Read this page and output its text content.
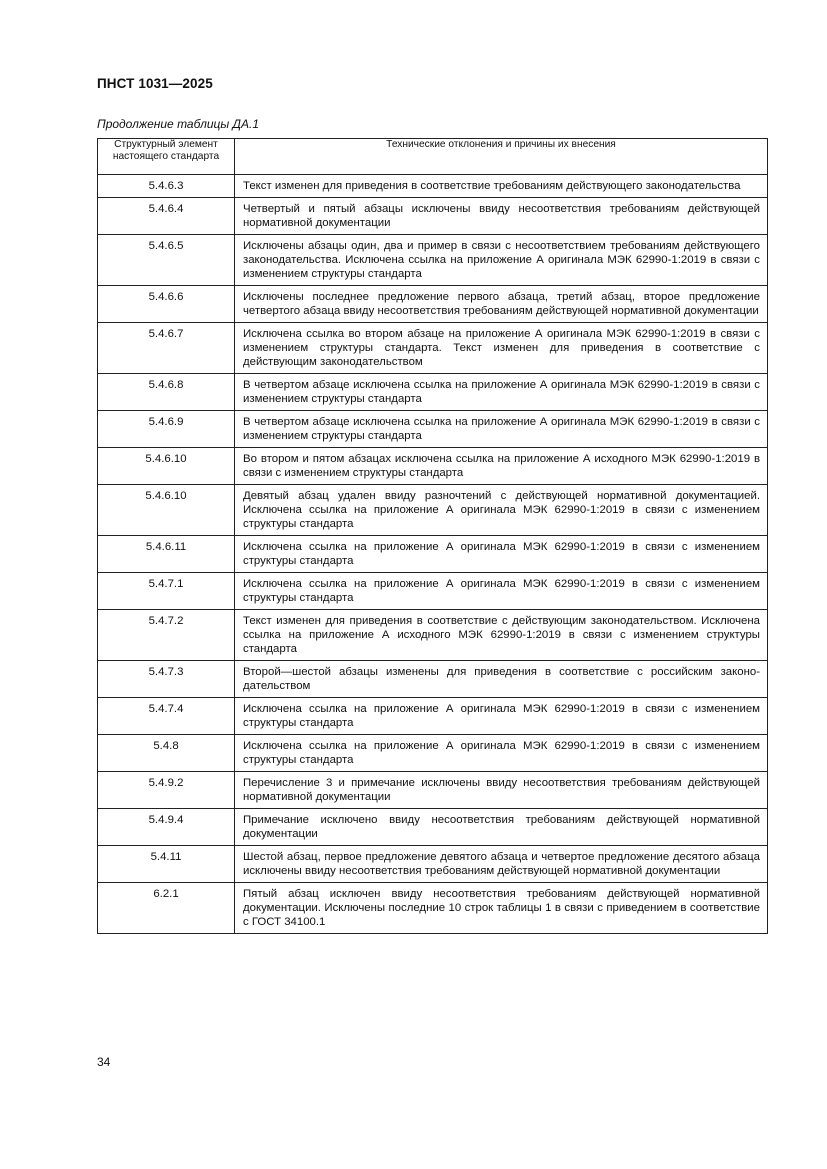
ПНСТ 1031—2025
Продолжение таблицы ДА.1
Структурный элемент настоящего стандарта	Технические отклонения и причины их внесения
5.4.6.3	Текст изменен для приведения в соответствие требованиям действующего законодательства
5.4.6.4	Четвертый и пятый абзацы исключены ввиду несоответствия требованиям действующей нормативной документации
5.4.6.5	Исключены абзацы один, два и пример в связи с несоответствием требованиям действующего законодательства. Исключена ссылка на приложение А оригинала МЭК 62990-1:2019 в связи с изменением структуры стандарта
5.4.6.6	Исключены последнее предложение первого абзаца, третий абзац, второе предложение четвертого абзаца ввиду несоответствия требованиям действующей нормативной документации
5.4.6.7	Исключена ссылка во втором абзаце на приложение А оригинала МЭК 62990-1:2019 в связи с изменением структуры стандарта. Текст изменен для приведения в соответствие с действующим законодательством
5.4.6.8	В четвертом абзаце исключена ссылка на приложение А оригинала МЭК 62990-1:2019 в связи с изменением структуры стандарта
5.4.6.9	В четвертом абзаце исключена ссылка на приложение А оригинала МЭК 62990-1:2019 в связи с изменением структуры стандарта
5.4.6.10	Во втором и пятом абзацах исключена ссылка на приложение А исходного МЭК 62990-1:2019 в связи с изменением структуры стандарта
5.4.6.10	Девятый абзац удален ввиду разночтений с действующей нормативной документацией. Исключена ссылка на приложение А оригинала МЭК 62990-1:2019 в связи с изменением структуры стандарта
5.4.6.11	Исключена ссылка на приложение А оригинала МЭК 62990-1:2019 в связи с изменением структуры стандарта
5.4.7.1	Исключена ссылка на приложение А оригинала МЭК 62990-1:2019 в связи с изменением структуры стандарта
5.4.7.2	Текст изменен для приведения в соответствие с действующим законодательством. Исключена ссылка на приложение А исходного МЭК 62990-1:2019 в связи с изменением структуры стандарта
5.4.7.3	Второй—шестой абзацы изменены для приведения в соответствие с российским законодательством
5.4.7.4	Исключена ссылка на приложение А оригинала МЭК 62990-1:2019 в связи с изменением структуры стандарта
5.4.8	Исключена ссылка на приложение А оригинала МЭК 62990-1:2019 в связи с изменением структуры стандарта
5.4.9.2	Перечисление 3 и примечание исключены ввиду несоответствия требованиям действующей нормативной документации
5.4.9.4	Примечание исключено ввиду несоответствия требованиям действующей нормативной документации
5.4.11	Шестой абзац, первое предложение девятого абзаца и четвертое предложение десятого абзаца исключены ввиду несоответствия требованиям действующей нормативной документации
6.2.1	Пятый абзац исключен ввиду несоответствия требованиям действующей нормативной документации. Исключены последние 10 строк таблицы 1 в связи с приведением в соответствие с ГОСТ 34100.1
34
